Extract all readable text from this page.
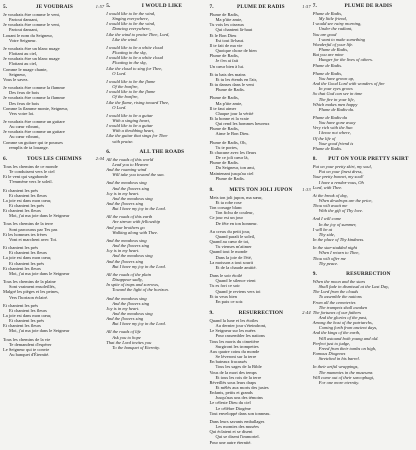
5.	JE VOUDRAIS	1:57
Je voudrais être comme le vent,
Partout dansant,
Je voudrais être comme le vent,
Partout dansant,
Louant le nom du Seigneur,
Votre Seigneur.
Je voudrais être un blanc nuage
Flottant au ciel,
Je voudrais être un blanc nuage
Flottant au ciel,
Comme le nuage chante,
Seigneur,
Vous le savez.
Je voudrais être comme la flamme
Des feux de bois
Je voudrais être comme la flamme
Des feux de bois
Comme la flamme monte, Seigneur,
Vers votre loi.
Je voudrais être comme un guitare
Au cœur vibrant,
Je voudrais être comme un guitare
Au cœur vibrant,
Comme un guitare qui te pousses
remplis de ta louange.
6.	TOUS LES CHEMINS	2:04
Tous les chemins de ce monde
Te conduisent vers le ciel
Et le vent qui vagabonde
T'emmène vers le soleil.
Et chantent les prés
Et chantent les fleurs
La joie est dans mon cœur,
Et chantent les prés
Et chantent les fleurs
Moi, j'ai ma joie dans le Seigneur
Tous les chemins de la terre
Sont parcourus par Tes pas
Et les hommes tes frères
Vont et marchent avec Toi.
Et chantent les prés
Et chantent les fleurs
La joie est dans mon cœur,
Et chantent les prés
Et chantent les fleurs
Moi, j'ai ma joie dans le Seigneur
Tous les chemins de la plaine
Sont vraiment ensoleillés,
Malgré les pièges et les peines,
Vers l'horizon éclairé.
Et chantent les prés
Et chantent les fleurs
La joie est dans mon cœur,
Et chantent les prés
Et chantent les fleurs
Moi, j'ai ma joie dans le Seigneur
Tous les chemins de la vie
Te demandent d'espérer
Le Seigneur qui te convie
Au banquet d'Éternité.
5.	I WOULD LIKE
I would like to be the wind,
Singing everywhere,
I would like to be the wind,
Dancing everywhere,
Like the wind to praise Thee, Lord,
Like the wind.
I would like to be a white cloud
Floating in the sky,
I would like to be a white cloud
Floating in the sky,
Like the cloud to sing for Thee,
O Lord.
I would like to be the flame
Of the bonfire,
I would like to be the flame
Of the bonfire,
Like the flame, rising toward Thee,
O Lord.
I would like to be a guitar
With a singing heart,
I would like to be a guitar
With a throbbing heart,
Like the guitar that sings for Thee
with praise.
6.	ALL THE ROADS
All the roads of this world
Lead you to Heaven
And the roaming wind
Will take you toward the sun.
And the meadows sing
And the flowers sing
Joy is in my heart.
And the meadows sing
And the flowers sing
But I have my joy in the Lord.
All the roads of this earth
Are strewn with fellowship
And your brothers go
Walking along with Thee.
And the meadows sing
And the flowers sing
Joy is in my heart.
And the meadows sing
And the flowers sing
But I have my joy in the Lord.
All the roads of the plain
Disappear sadly,
In spite of traps and sorrows,
Toward the light of the horizon.
And the meadows sing
And the flowers sing
Joy is in my heart.
And the meadows sing
And the flowers sing
But I have my joy in the Lord.
All the roads of life
Ask you to hope
That the Lord invites you
To the banquet of Eternity.
7.	PLUME DE RADIS	1:57
Plume de Radis,
Ma p'tite amie,
Tu vois les oiseaux
Qui chantent là-haut
Et le Bon Dieu
Est tout là-haut.
Il te fait de ma vie
Quoique chose de bien
Plume de Radis,
Je t'en ai fait
Un cœur bien à lui.
Et tu bats des mains
Et tu les étends en l'air,
Et tu danses dans le vent
Plume de Radis.
Plume de Radis,
Ma p'tite amie,
Il te faut aimer
Chaque jour la vérité
Et la bonne et la vraie
Qui rend les hommes heureux
Plume de Radis,
Aime le Bon Dieu.
Plume de Radis, Oh,
Tu te portes,
Et chacune avec les fleurs
De ce joli cœur là,
Plume de Radis.
Du Seigneur, ton ami,
Maintenant jusqu'au ciel
Plume de Radis.
8.	METS TON JOLI JUPON	1:33
Mets ton joli jupon, ma sœur,
Et ta robe rose
Ton corsage blanc
Ton fichu de couleur,
Ce jour est un jour
De fête en ton honneur.
Au creux du petit jour,
Quand paraît le soleil,
Quand au cœur de toi,
Tu vienses m'aiimer
Quand tout le monde
Dans la joie de l'été,
La moisson a tout sourit
Et de la chaude amitié.
Dans le soir étoilé
Quand le silence vient
Tu es fort ce soir
Quand je reviens vers toi
Et tu veux bien
En paix ce soir.
9.	RESURRECTION	2:44
Quand la lune et les étoiles
Au dernier jour s'éteindront,
Le Seigneur sur les nuées
Pour rassembler les nations
Tous les morts du cimetière
Surgiront les trompettes
Aux quatre coins du monde
Se lèveront sur la terre
En bateaux fracassés
Tous les sages de la Bible
Vous de la mort des temps
Et tous les rois de la terre
Réveillés sous leurs draps
Et mêlés aux morts des justes
Enfants, petits et grands
Jusqu'aux uns des témoins
Le céleste Dieu du ciel
Le célèbre Diogène
Tout enveloppé dans son tonneau.
Dans leurs savants emballages
Les momies des musées
Qui éclatent et se disent
Qui se disent l'immortel.
Pour une autre éternité.
7.	PLUME DE RADIS
Plume de Radis,
My little friend,
I would see rainy morning,
Under the radiant,
You are good
I want to make something
Wonderful of your life.
Plume de Radis,
But you are mine
Hunger for the lives of others.
Plume de Radis.
Plume de Radis,
You have grown up,
And the Good Lord with wonders of fire
In your eyes grows
So that God can see in time
The fire in your life,
Which makes men happy
Plume de Radis-da.
Plume de Radis-da
You have gone away
Very rich with the Sun
I know not where,
Of the life of
Your good friend is
Plume de Radis.
8.	PUT ON YOUR PRETTY SKIRT
Put on your pretty skirt, my soul,
Put on your finest dress,
Your pretty bonnet, my soul!
I have a rendez-vous, Oh
Lord, with Thee.
At the break of day,
When dewdrops are the price,
Thou wilt await me
With the gift of Thy love.
And I will come
In the joy of summer,
I will be at
Thy side,
In the place of Thy kindness.
In the star-studded night
When I return to Thee,
Thou wilt offer me
Thy peace.
9.	RESURRECTION
When the moon and the stars
Shall fade in dismissal at the Last Day,
The Lord from the clouds
To assemble the nations
From all the cemeteries
The trumpets shall awaken
The fortunes of our fathers
And the glories of the past,
Among the host of the patriarchs,
Coming forth from ancient days,
And the kings of the earth,
Will astound both young and old.
Perfect just to judge,
Freed from their tombs on high,
Famous Diogenes
Stretched in his barrel.
In their artful wrappings,
The mummies in the museums
Will come out of their sarcophagi,
For one more eternity.
